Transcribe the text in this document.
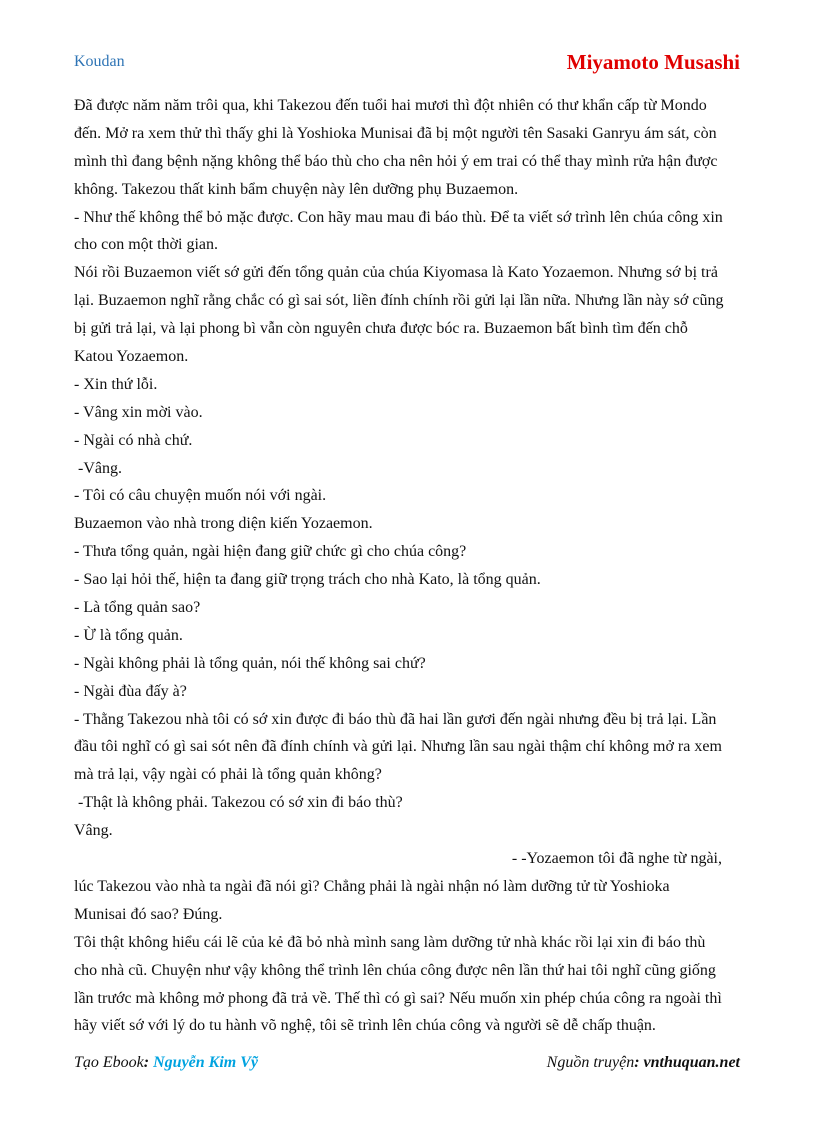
Koudan	Miyamoto Musashi
Đã được năm năm trôi qua, khi Takezou đến tuổi hai mươi thì đột nhiên có thư khẩn cấp từ Mondo
đến. Mở ra xem thử thì thấy ghi là Yoshioka Munisai đã bị một người tên Sasaki Ganryu ám sát, còn
mình thì đang bệnh nặng không thể báo thù cho cha nên hỏi ý em trai có thể thay mình rửa hận được
không. Takezou thất kinh bẩm chuyện này lên dưỡng phụ Buzaemon.
- Như thế không thể bỏ mặc được. Con hãy mau mau đi báo thù. Để ta viết sớ trình lên chúa công xin
cho con một thời gian.
Nói rồi Buzaemon viết sớ gửi đến tổng quản của chúa Kiyomasa là Kato Yozaemon. Nhưng sớ bị trả
lại. Buzaemon nghĩ rằng chắc có gì sai sót, liền đính chính rồi gửi lại lần nữa. Nhưng lần này sớ cũng
bị gửi trả lại, và lại phong bì vẫn còn nguyên chưa được bóc ra. Buzaemon bất bình tìm đến chỗ
Katou Yozaemon.
- Xin thứ lỗi.
- Vâng xin mời vào.
- Ngài có nhà chứ.
-Vâng.
- Tôi có câu chuyện muốn nói với ngài.
Buzaemon vào nhà trong diện kiến Yozaemon.
- Thưa tổng quản, ngài hiện đang giữ chức gì cho chúa công?
- Sao lại hỏi thế, hiện ta đang giữ trọng trách cho nhà Kato, là tổng quản.
- Là tổng quản sao?
- Ừ là tổng quản.
- Ngài không phải là tổng quản, nói thế không sai chứ?
- Ngài đùa đấy à?
- Thằng Takezou nhà tôi có sớ xin được đi báo thù đã hai lần gươi đến ngài nhưng đều bị trả lại. Lần
đầu tôi nghĩ có gì sai sót nên đã đính chính và gửi lại. Nhưng lần sau ngài thậm chí không mở ra xem
mà trả lại, vậy ngài có phải là tổng quản không?
-Thật là không phải. Takezou có sớ xin đi báo thù?
Vâng.
- -Yozaemon tôi đã nghe từ ngài,
lúc Takezou vào nhà ta ngài đã nói gì? Chẳng phải là ngài nhận nó làm dưỡng tử từ Yoshioka
Munisai đó sao? Đúng.
Tôi thật không hiểu cái lẽ của kẻ đã bỏ nhà mình sang làm dưỡng tử nhà khác rồi lại xin đi báo thù
cho nhà cũ. Chuyện như vậy không thể trình lên chúa công được nên lần thứ hai tôi nghĩ cũng giống
lần trước mà không mở phong đã trả về. Thế thì có gì sai? Nếu muốn xin phép chúa công ra ngoài thì
hãy viết sớ với lý do tu hành võ nghệ, tôi sẽ trình lên chúa công và người sẽ dễ chấp thuận.
Tạo Ebook: Nguyễn Kim Vỹ	Nguồn truyện: vnthuquan.net
